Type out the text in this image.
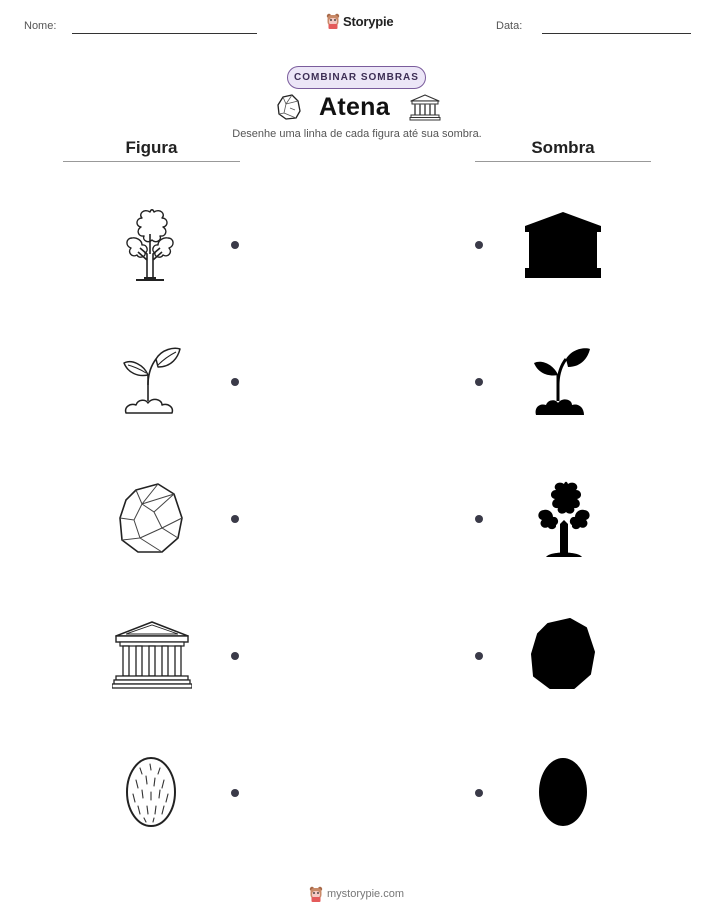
Nome:	Storypie	Data:
COMBINAR SOMBRAS
Atena
Desenhe uma linha de cada figura até sua sombra.
Figura	Sombra
mystorypie.com
